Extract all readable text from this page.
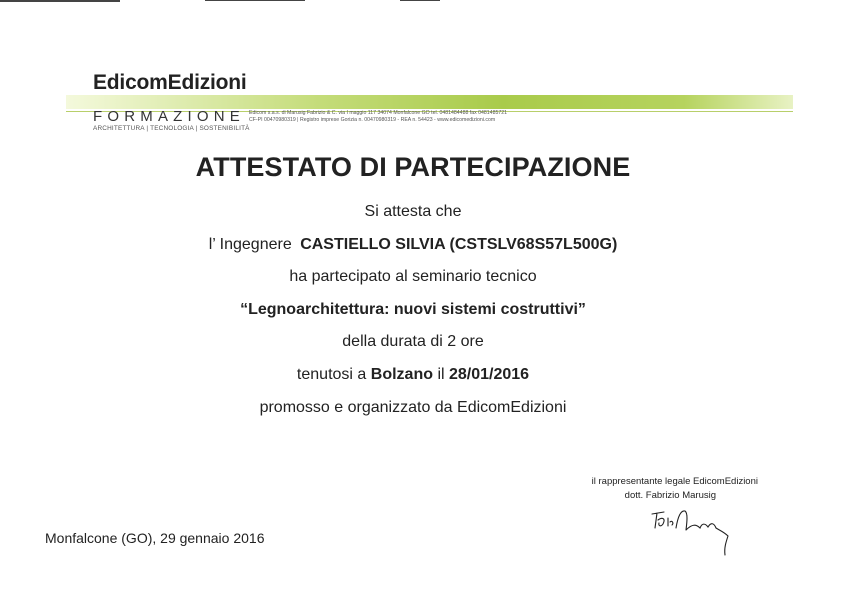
EdicomEdizioni
FORMAZIONE
ARCHITETTURA | TECNOLOGIA | SOSTENIBILITÀ
Edicom s.a.s. di Marusig Fabrizio & C. via I maggio 117 34074 Monfalcone GO tel. 0481484488 fax 0481485721
CF-PI 00470980319 | Registro imprese Gorizia n. 00470980319 - REA n. 54423 - www.edicomedizioni.com
ATTESTATO DI PARTECIPAZIONE
Si attesta che
l’ Ingegnere CASTIELLO SILVIA (CSTSLV68S57L500G)
ha partecipato al seminario tecnico
“Legnoarchitettura: nuovi sistemi costruttivi”
della durata di 2 ore
tenutosi a Bolzano il 28/01/2016
promosso e organizzato da EdicomEdizioni
Monfalcone (GO), 29 gennaio 2016
il rappresentante legale EdicomEdizioni
dott. Fabrizio Marusig
